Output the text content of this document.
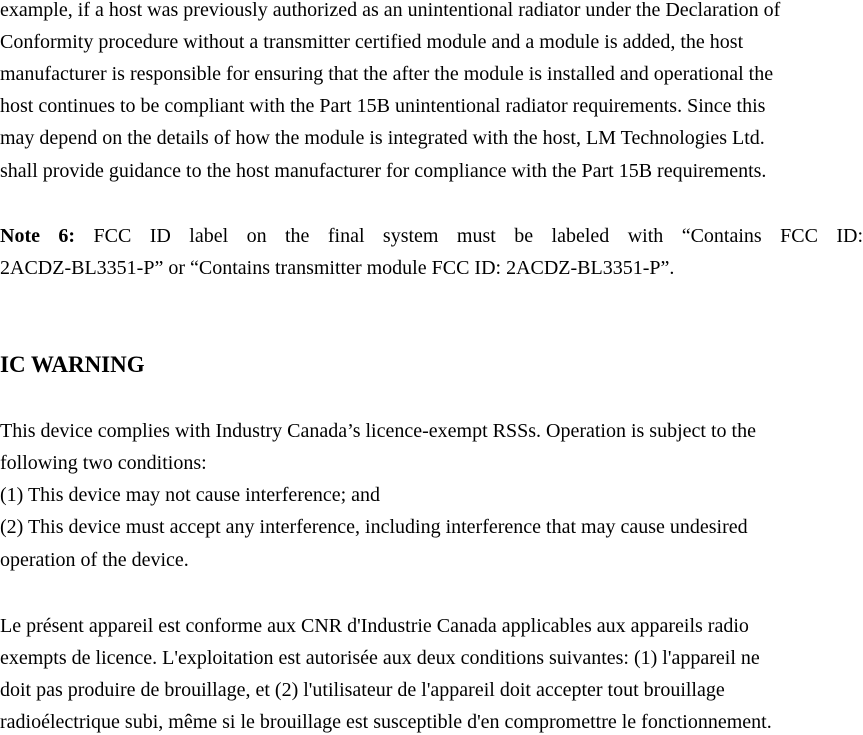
example, if a host was previously authorized as an unintentional radiator under the Declaration of
Conformity procedure without a transmitter certified module and a module is added, the host
manufacturer is responsible for ensuring that the after the module is installed and operational the
host continues to be compliant with the Part 15B unintentional radiator requirements. Since this
may depend on the details of how the module is integrated with the host, LM Technologies Ltd.
shall provide guidance to the host manufacturer for compliance with the Part 15B requirements.
Note 6: FCC ID label on the final system must be labeled with “Contains FCC ID:
2ACDZ-BL3351-P” or “Contains transmitter module FCC ID: 2ACDZ-BL3351-P”.
IC WARNING
This device complies with Industry Canada’s licence-exempt RSSs. Operation is subject to the
following two conditions:
(1) This device may not cause interference; and
(2) This device must accept any interference, including interference that may cause undesired
operation of the device.
Le présent appareil est conforme aux CNR d'Industrie Canada applicables aux appareils radio
exempts de licence. L'exploitation est autorisée aux deux conditions suivantes: (1) l'appareil ne
doit pas produire de brouillage, et (2) l'utilisateur de l'appareil doit accepter tout brouillage
radioélectrique subi, même si le brouillage est susceptible d'en compromettre le fonctionnement.
